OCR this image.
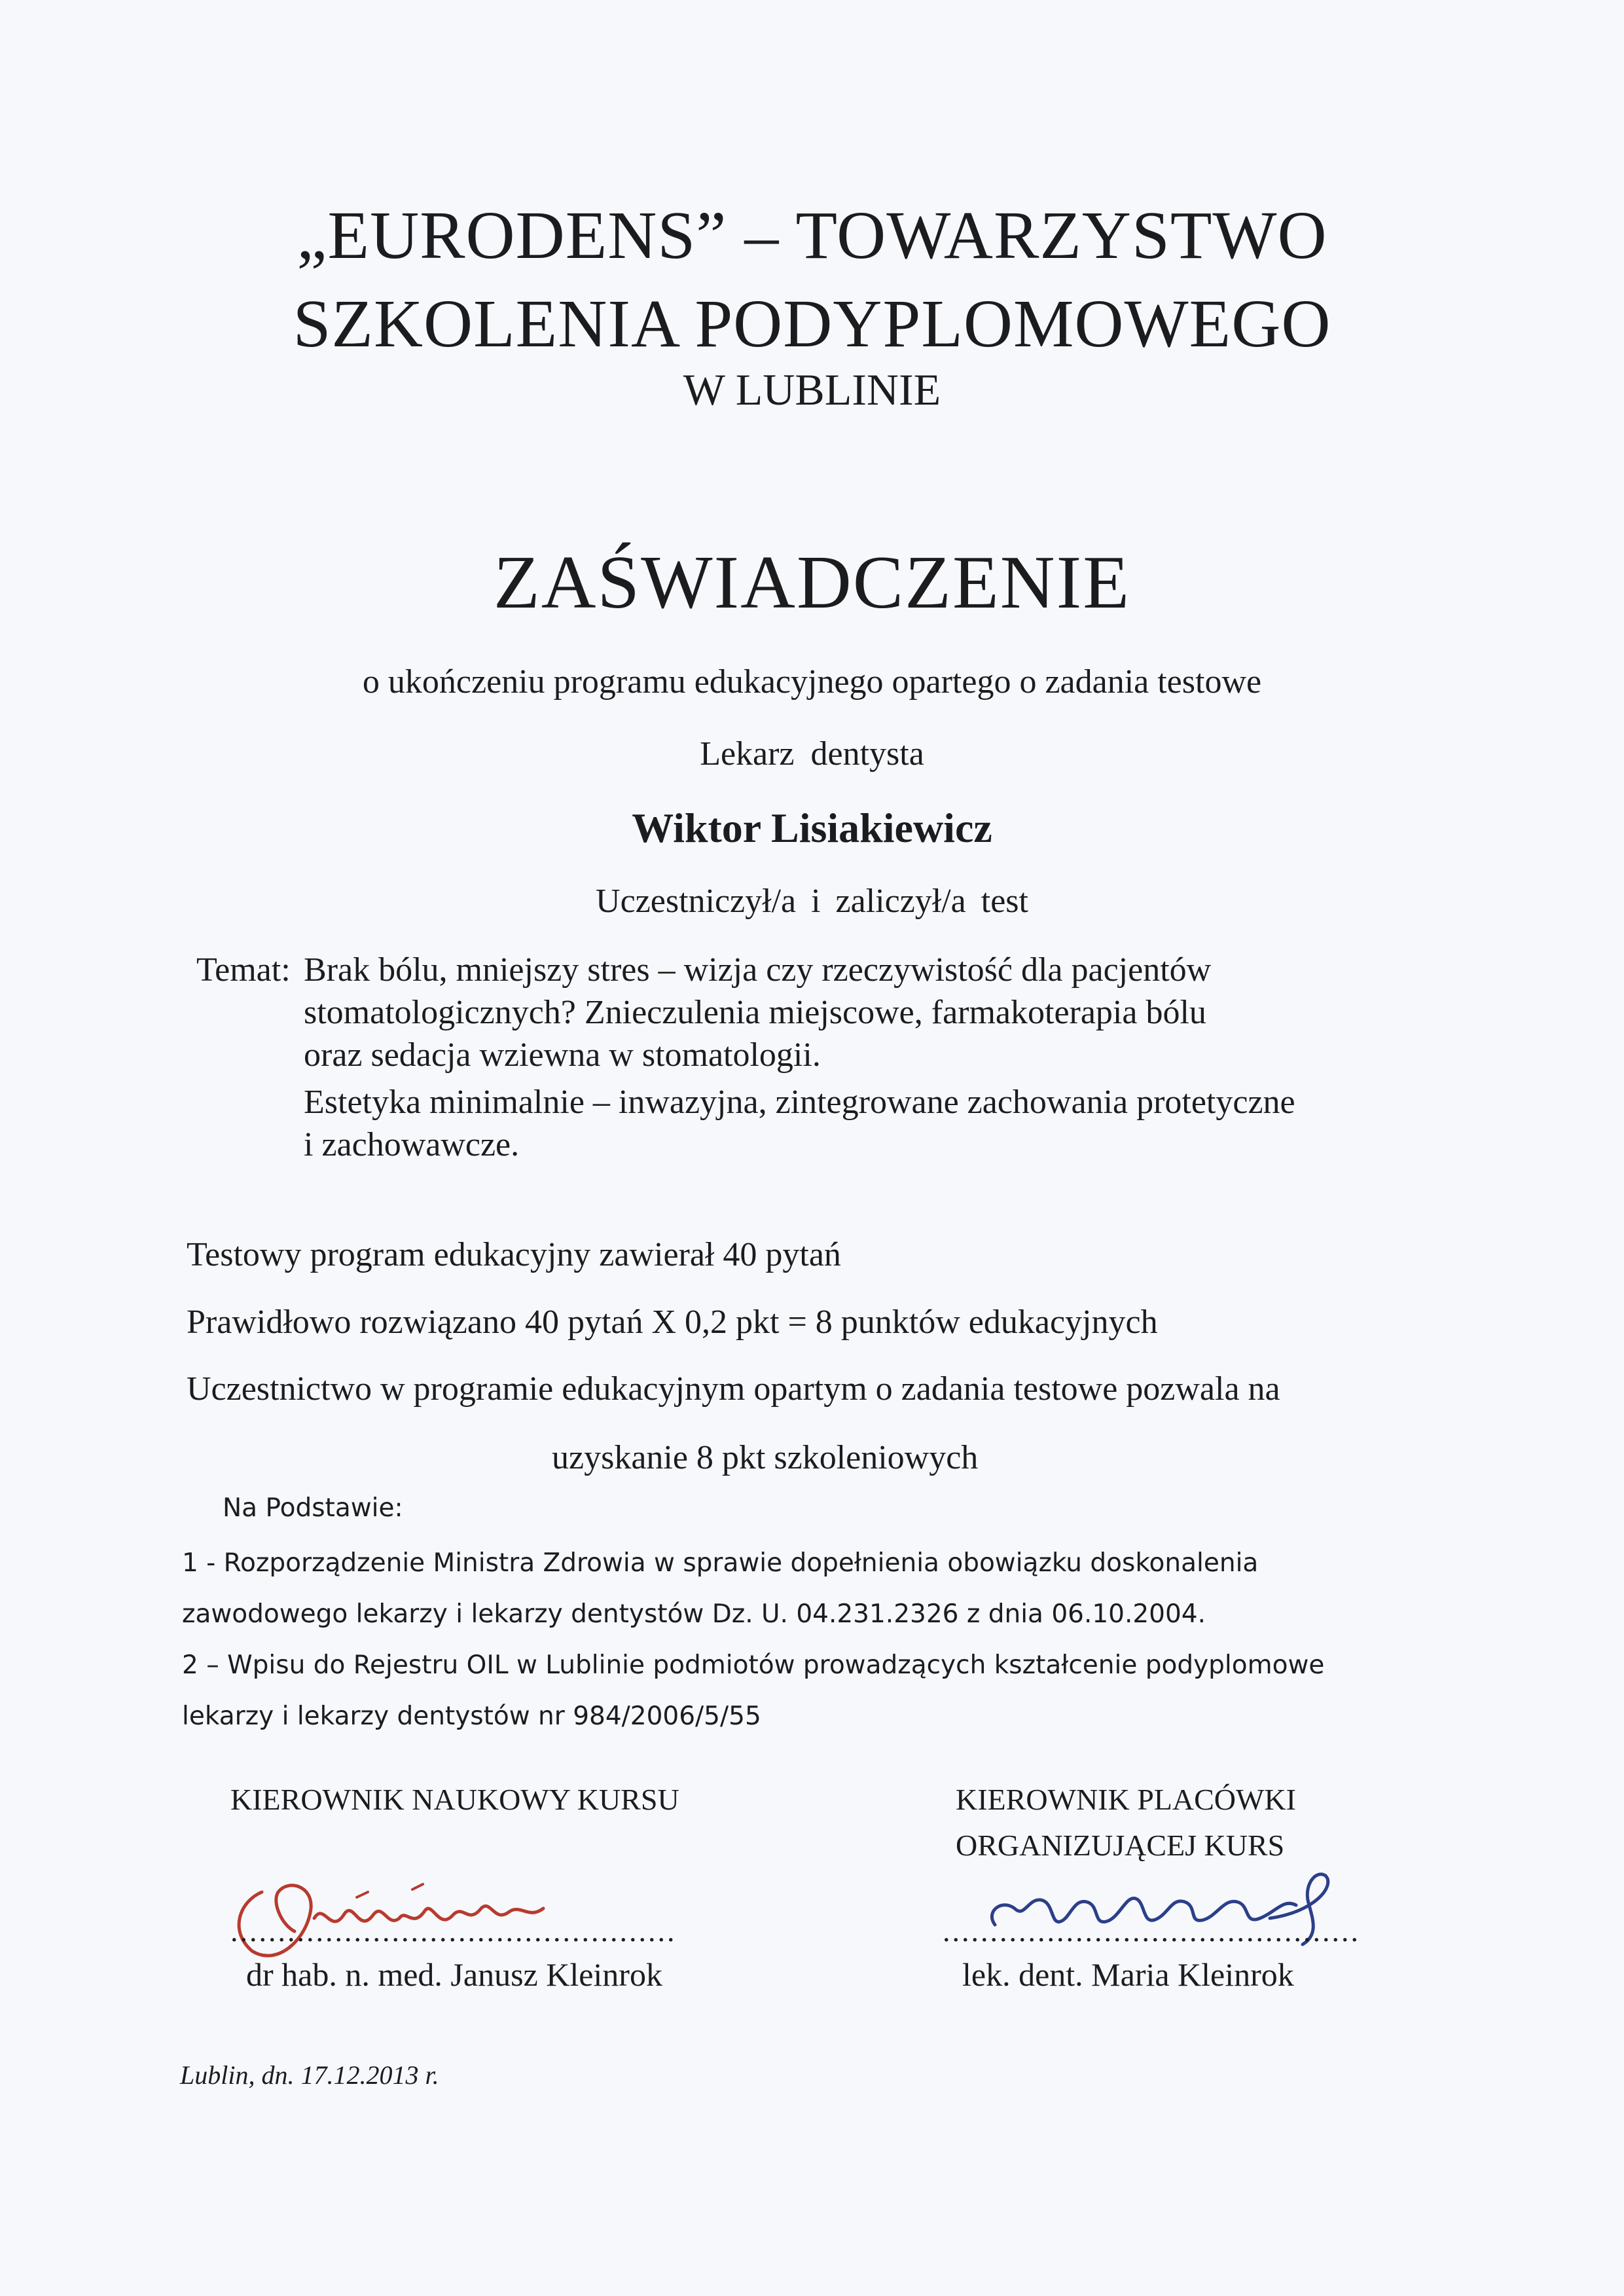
„EURODENS” – TOWARZYSTWO

SZKOLENIA PODYPLOMOWEGO

W LUBLINIE

ZAŚWIADCZENIE

o ukończeniu programu edukacyjnego opartego o zadania testowe

Lekarz dentysta

Wiktor Lisiakiewicz

Uczestniczył/a i zaliczył/a test

Temat: Brak bólu, mniejszy stres – wizja czy rzeczywistość dla pacjentów

stomatologicznych? Znieczulenia miejscowe, farmakoterapia bólu

oraz sedacja wziewna w stomatologii.

Estetyka minimalnie – inwazyjna, zintegrowane zachowania protetyczne

i zachowawcze.

Testowy program edukacyjny zawierał 40 pytań

Prawidłowo rozwiązano 40 pytań X 0,2 pkt = 8 punktów edukacyjnych

Uczestnictwo w programie edukacyjnym opartym o zadania testowe pozwala na

uzyskanie 8 pkt szkoleniowych

Na Podstawie:

1 - Rozporządzenie Ministra Zdrowia w sprawie dopełnienia obowiązku doskonalenia

zawodowego lekarzy i lekarzy dentystów Dz. U. 04.231.2326 z dnia 06.10.2004.

2 – Wpisu do Rejestru OIL w Lublinie podmiotów prowadzących kształcenie podyplomowe

lekarzy i lekarzy dentystów nr 984/2006/5/55

KIEROWNIK NAUKOWY KURSU

...............................................

dr hab. n. med. Janusz Kleinrok

KIEROWNIK PLACÓWKI

ORGANIZUJĄCEJ KURS

............................................

lek. dent. Maria Kleinrok

Lublin, dn. 17.12.2013 r.
